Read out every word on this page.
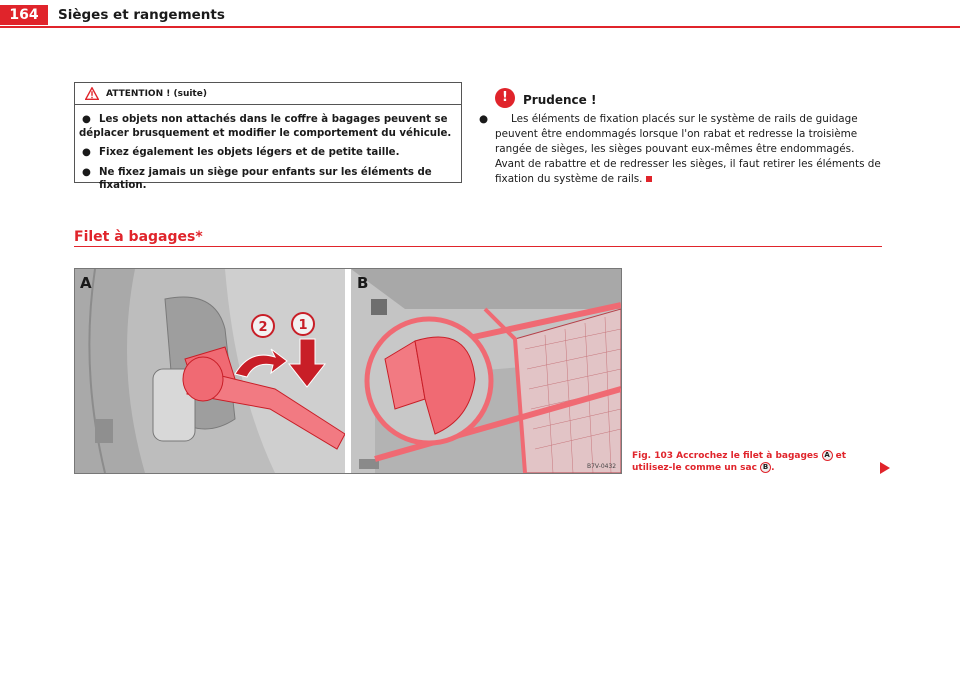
164	Sièges et rangements
ATTENTION ! (suite)
● Les objets non attachés dans le coffre à bagages peuvent se déplacer brusquement et modifier le comportement du véhicule.
● Fixez également les objets légers et de petite taille.
● Ne fixez jamais un siège pour enfants sur les éléments de fixation.
!	Prudence !

● Les éléments de fixation placés sur le système de rails de guidage peuvent être endommagés lorsque l'on rabat et redresse la troisième rangée de sièges, les sièges pouvant eux-mêmes être endommagés. Avant de rabattre et de redresser les sièges, il faut retirer les éléments de fixation du système de rails.

Filet à bagages*
2 1
A	B
B7V-0432
Fig. 103 Accrochez le filet à bagages A et utilisez-le comme un sac B .
